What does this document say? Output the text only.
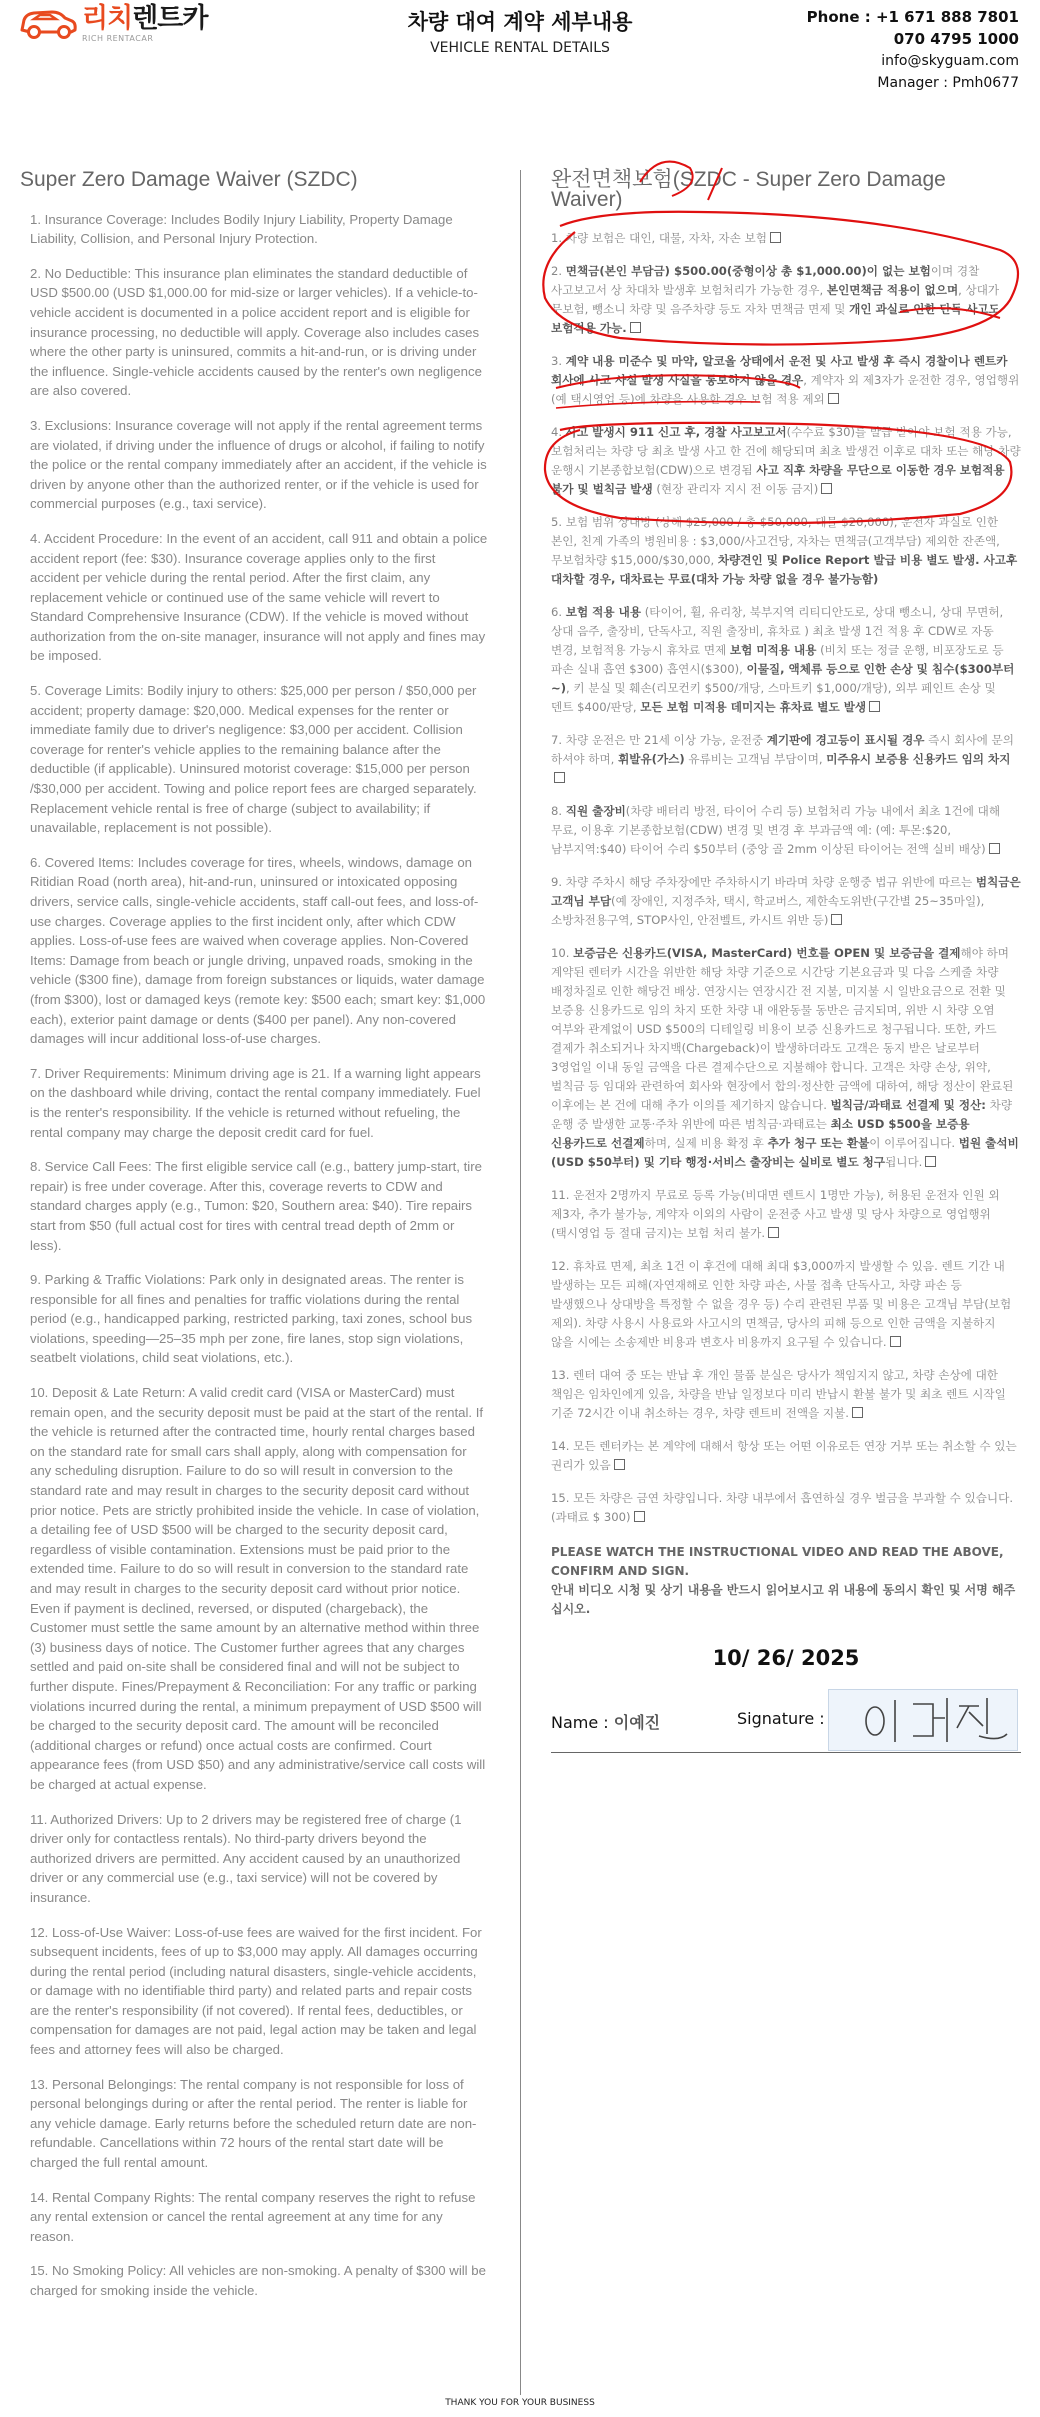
리치렌트카
RICH RENTACAR
차량 대여 계약 세부내용
VEHICLE RENTAL DETAILS
Phone : +1 671 888 7801
070 4795 1000
info@skyguam.com
Manager : Pmh0677
Super Zero Damage Waiver (SZDC)

1. Insurance Coverage: Includes Bodily Injury Liability, Property Damage Liability, Collision, and Personal Injury Protection.

2. No Deductible: This insurance plan eliminates the standard deductible of USD $500.00 (USD $1,000.00 for mid-size or larger vehicles). If a vehicle-to-vehicle accident is documented in a police accident report and is eligible for insurance processing, no deductible will apply. Coverage also includes cases where the other party is uninsured, commits a hit-and-run, or is driving under the influence. Single-vehicle accidents caused by the renter's own negligence are also covered.

3. Exclusions: Insurance coverage will not apply if the rental agreement terms are violated, if driving under the influence of drugs or alcohol, if failing to notify the police or the rental company immediately after an accident, if the vehicle is driven by anyone other than the authorized renter, or if the vehicle is used for commercial purposes (e.g., taxi service).

4. Accident Procedure: In the event of an accident, call 911 and obtain a police accident report (fee: $30). Insurance coverage applies only to the first accident per vehicle during the rental period. After the first claim, any replacement vehicle or continued use of the same vehicle will revert to Standard Comprehensive Insurance (CDW). If the vehicle is moved without authorization from the on-site manager, insurance will not apply and fines may be imposed.

5. Coverage Limits: Bodily injury to others: $25,000 per person / $50,000 per accident; property damage: $20,000. Medical expenses for the renter or immediate family due to driver's negligence: $3,000 per accident. Collision coverage for renter's vehicle applies to the remaining balance after the deductible (if applicable). Uninsured motorist coverage: $15,000 per person /$30,000 per accident. Towing and police report fees are charged separately. Replacement vehicle rental is free of charge (subject to availability; if unavailable, replacement is not possible).

6. Covered Items: Includes coverage for tires, wheels, windows, damage on Ritidian Road (north area), hit-and-run, uninsured or intoxicated opposing drivers, service calls, single-vehicle accidents, staff call-out fees, and loss-of-use charges. Coverage applies to the first incident only, after which CDW applies. Loss-of-use fees are waived when coverage applies. Non-Covered Items: Damage from beach or jungle driving, unpaved roads, smoking in the vehicle ($300 fine), damage from foreign substances or liquids, water damage (from $300), lost or damaged keys (remote key: $500 each; smart key: $1,000 each), exterior paint damage or dents ($400 per panel). Any non-covered damages will incur additional loss-of-use charges.

7. Driver Requirements: Minimum driving age is 21. If a warning light appears on the dashboard while driving, contact the rental company immediately. Fuel is the renter's responsibility. If the vehicle is returned without refueling, the rental company may charge the deposit credit card for fuel.

8. Service Call Fees: The first eligible service call (e.g., battery jump-start, tire repair) is free under coverage. After this, coverage reverts to CDW and standard charges apply (e.g., Tumon: $20, Southern area: $40). Tire repairs start from $50 (full actual cost for tires with central tread depth of 2mm or less).

9. Parking & Traffic Violations: Park only in designated areas. The renter is responsible for all fines and penalties for traffic violations during the rental period (e.g., handicapped parking, restricted parking, taxi zones, school bus violations, speeding—25–35 mph per zone, fire lanes, stop sign violations, seatbelt violations, child seat violations, etc.).

10. Deposit & Late Return: A valid credit card (VISA or MasterCard) must remain open, and the security deposit must be paid at the start of the rental. If the vehicle is returned after the contracted time, hourly rental charges based on the standard rate for small cars shall apply, along with compensation for any scheduling disruption. Failure to do so will result in conversion to the standard rate and may result in charges to the security deposit card without prior notice. Pets are strictly prohibited inside the vehicle. In case of violation, a detailing fee of USD $500 will be charged to the security deposit card, regardless of visible contamination. Extensions must be paid prior to the extended time. Failure to do so will result in conversion to the standard rate and may result in charges to the security deposit card without prior notice. Even if payment is declined, reversed, or disputed (chargeback), the Customer must settle the same amount by an alternative method within three (3) business days of notice. The Customer further agrees that any charges settled and paid on-site shall be considered final and will not be subject to further dispute. Fines/Prepayment & Reconciliation: For any traffic or parking violations incurred during the rental, a minimum prepayment of USD $500 will be charged to the security deposit card. The amount will be reconciled (additional charges or refund) once actual costs are confirmed. Court appearance fees (from USD $50) and any administrative/service call costs will be charged at actual expense.

11. Authorized Drivers: Up to 2 drivers may be registered free of charge (1 driver only for contactless rentals). No third-party drivers beyond the authorized drivers are permitted. Any accident caused by an unauthorized driver or any commercial use (e.g., taxi service) will not be covered by insurance.

12. Loss-of-Use Waiver: Loss-of-use fees are waived for the first incident. For subsequent incidents, fees of up to $3,000 may apply. All damages occurring during the rental period (including natural disasters, single-vehicle accidents, or damage with no identifiable third party) and related parts and repair costs are the renter's responsibility (if not covered). If rental fees, deductibles, or compensation for damages are not paid, legal action may be taken and legal fees and attorney fees will also be charged.

13. Personal Belongings: The rental company is not responsible for loss of personal belongings during or after the rental period. The renter is liable for any vehicle damage. Early returns before the scheduled return date are non-refundable. Cancellations within 72 hours of the rental start date will be charged the full rental amount.

14. Rental Company Rights: The rental company reserves the right to refuse any rental extension or cancel the rental agreement at any time for any reason.

15. No Smoking Policy: All vehicles are non-smoking. A penalty of $300 will be charged for smoking inside the vehicle.

완전면책보험(SZDC - Super Zero Damage Waiver)

1. 차량 보험은 대인, 대물, 자차, 자손 보험

2. 면책금(본인 부담금) $500.00(중형이상 총 $1,000.00)이 없는 보험이며 경찰 사고보고서 상 차대차 발생후 보험처리가 가능한 경우, 본인면책금 적용이 없으며, 상대가 무보험, 뺑소니 차량 및 음주차량 등도 자차 면책금 면제 및 개인 과실로 인한 단독 사고도 보험적용 가능.

3. 계약 내용 미준수 및 마약, 알코올 상태에서 운전 및 사고 발생 후 즉시 경찰이나 렌트카 회사에 사고 사실 발생 사실을 통보하지 않을 경우, 계약자 외 제3자가 운전한 경우, 영업행위(예 택시영업 등)에 차량을 사용한 경우 보험 적용 제외

4. 사고 발생시 911 신고 후, 경찰 사고보고서(수수료 $30)를 발급 받아야 보험 적용 가능, 보험처리는 차량 당 최초 발생 사고 한 건에 해당되며 최초 발생건 이후로 대차 또는 해당 차량 운행시 기본종합보험(CDW)으로 변경됨 사고 직후 차량을 무단으로 이동한 경우 보험적용 불가 및 벌칙금 발생 (현장 관리자 지시 전 이동 금지)

5. 보험 범위 상대방 (상해 $25,000 / 총 $50,000, 대물 $20,000), 운전자 과실로 인한 본인, 친계 가족의 병원비용 : $3,000/사고건당, 자차는 면책금(고객부담) 제외한 잔존액, 무보험차량 $15,000/$30,000, 차량견인 및 Police Report 발급 비용 별도 발생. 사고후 대차할 경우, 대차료는 무료(대차 가능 차량 없을 경우 불가능함)

6. 보험 적용 내용 (타이어, 휠, 유리창, 북부지역 리티디안도로, 상대 뺑소니, 상대 무면허, 상대 음주, 출장비, 단독사고, 직원 출장비, 휴차료 ) 최초 발생 1건 적용 후 CDW로 자동 변경, 보험적용 가능시 휴차료 면제 보험 미적용 내용 (비치 또는 정글 운행, 비포장도로 등 파손 실내 흡연 $300) 흡연시($300), 이물질, 액체류 등으로 인한 손상 및 침수($300부터~), 키 분실 및 훼손(리모컨키 $500/개당, 스마트키 $1,000/개당), 외부 페인트 손상 및 덴트 $400/판당, 모든 보험 미적용 데미지는 휴차료 별도 발생

7. 차량 운전은 만 21세 이상 가능, 운전중 계기판에 경고등이 표시될 경우 즉시 회사에 문의 하셔야 하며, 휘발유(가스) 유류비는 고객님 부담이며, 미주유시 보증용 신용카드 임의 차지

8. 직원 출장비(차량 배터리 방전, 타이어 수리 등) 보험처리 가능 내에서 최초 1건에 대해 무료, 이용후 기본종합보험(CDW) 변경 및 변경 후 부과금액 예: (예: 투몬:$20, 남부지역:$40) 타이어 수리 $50부터 (중앙 골 2mm 이상된 타이어는 전액 실비 배상)

9. 차량 주차시 해당 주차장에만 주차하시기 바라며 차량 운행중 법규 위반에 따르는 범칙금은 고객님 부담(예 장애인, 지정주차, 택시, 학교버스, 제한속도위반(구간별 25~35마일), 소방차전용구역, STOP사인, 안전벨트, 카시트 위반 등)

10. 보증금은 신용카드(VISA, MasterCard) 번호를 OPEN 및 보증금을 결제해야 하며 계약된 렌터카 시간을 위반한 해당 차량 기준으로 시간당 기본요금과 및 다음 스케줄 차량 배정차질로 인한 해당건 배상. 연장시는 연장시간 전 지불, 미지불 시 일반요금으로 전환 및 보증용 신용카드로 임의 차지 또한 차량 내 애완동물 동반은 금지되며, 위반 시 차량 오염 여부와 관계없이 USD $500의 디테일링 비용이 보증 신용카드로 청구됩니다. 또한, 카드 결제가 취소되거나 차지백(Chargeback)이 발생하더라도 고객은 동지 받은 날로부터 3영업일 이내 동일 금액을 다른 결제수단으로 지불해야 합니다. 고객은 차량 손상, 위약, 벌칙금 등 임대와 관련하여 회사와 현장에서 합의·정산한 금액에 대하여, 해당 정산이 완료된 이후에는 본 건에 대해 추가 이의를 제기하지 않습니다. 벌칙금/과태료 선결제 및 정산: 차량 운행 중 발생한 교통·주차 위반에 따른 범칙금·과태료는 최소 USD $500을 보증용 신용카드로 선결제하며, 실제 비용 확정 후 추가 청구 또는 환불이 이루어집니다. 법원 출석비(USD $50부터) 및 기타 행정·서비스 출장비는 실비로 별도 청구됩니다.

11. 운전자 2명까지 무료로 등록 가능(비대면 렌트시 1명만 가능), 허용된 운전자 인원 외 제3자, 추가 불가능, 계약자 이외의 사람이 운전중 사고 발생 및 당사 차량으로 영업행위(택시영업 등 절대 금지)는 보험 처리 불가.

12. 휴차료 면제, 최초 1건 이 후건에 대해 최대 $3,000까지 발생할 수 있음. 렌트 기간 내 발생하는 모든 피해(자연재해로 인한 차량 파손, 사물 접촉 단독사고, 차량 파손 등 발생했으나 상대방을 특정할 수 없을 경우 등) 수리 관련된 부품 및 비용은 고객님 부담(보험 제외). 차량 사용시 사용료와 사고시의 면책금, 당사의 피해 등으로 인한 금액을 지불하지 않을 시에는 소송제반 비용과 변호사 비용까지 요구될 수 있습니다.

13. 렌터 대여 중 또는 반납 후 개인 물품 분실은 당사가 책임지지 않고, 차량 손상에 대한 책임은 임차인에게 있음, 차량을 반납 일정보다 미리 반납시 환불 불가 및 최초 렌트 시작일 기준 72시간 이내 취소하는 경우, 차량 렌트비 전액을 지불.

14. 모든 렌터카는 본 계약에 대해서 항상 또는 어떤 이유로든 연장 거부 또는 취소할 수 있는 권리가 있음

15. 모든 차량은 금연 차량입니다. 차량 내부에서 흡연하실 경우 벌금을 부과할 수 있습니다. (과태료 $ 300)

PLEASE WATCH THE INSTRUCTIONAL VIDEO AND READ THE ABOVE, CONFIRM AND SIGN.
안내 비디오 시청 및 상기 내용을 반드시 읽어보시고 위 내용에 동의시 확인 및 서명 해주십시오.
10/ 26/ 2025
Name : 이예진	Signature :
THANK YOU FOR YOUR BUSINESS
